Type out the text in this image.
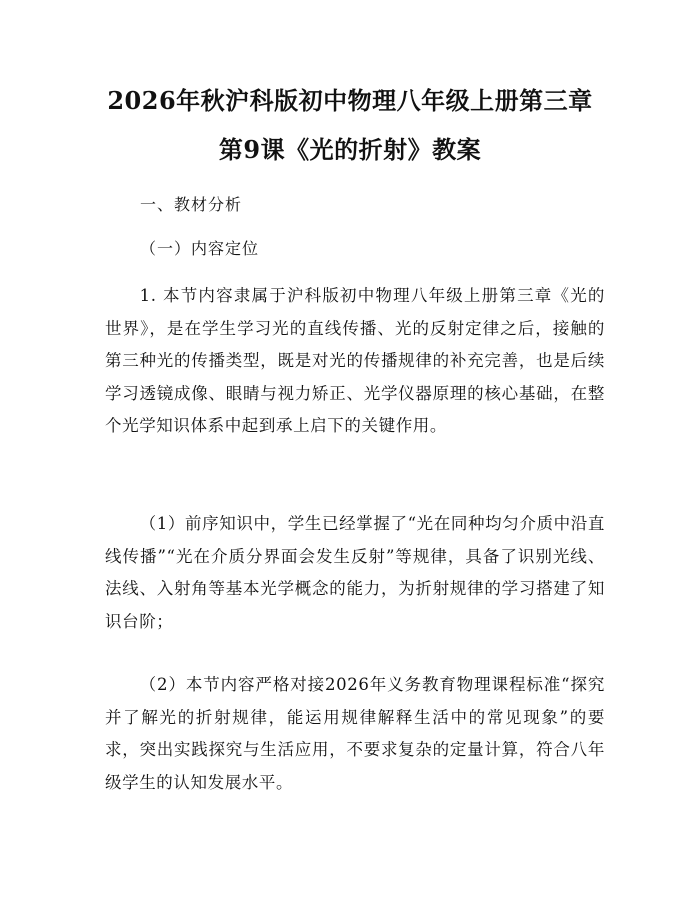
2026年秋沪科版初中物理八年级上册第三章
第9课《光的折射》教案

一、教材分析

（一）内容定位

1. 本节内容隶属于沪科版初中物理八年级上册第三章《光的世界》，是在学生学习光的直线传播、光的反射定律之后，接触的第三种光的传播类型，既是对光的传播规律的补充完善，也是后续学习透镜成像、眼睛与视力矫正、光学仪器原理的核心基础，在整个光学知识体系中起到承上启下的关键作用。

（1）前序知识中，学生已经掌握了“光在同种均匀介质中沿直线传播”“光在介质分界面会发生反射”等规律，具备了识别光线、法线、入射角等基本光学概念的能力，为折射规律的学习搭建了知识台阶；

（2）本节内容严格对接2026年义务教育物理课程标准“探究并了解光的折射规律，能运用规律解释生活中的常见现象”的要求，突出实践探究与生活应用，不要求复杂的定量计算，符合八年级学生的认知发展水平。
